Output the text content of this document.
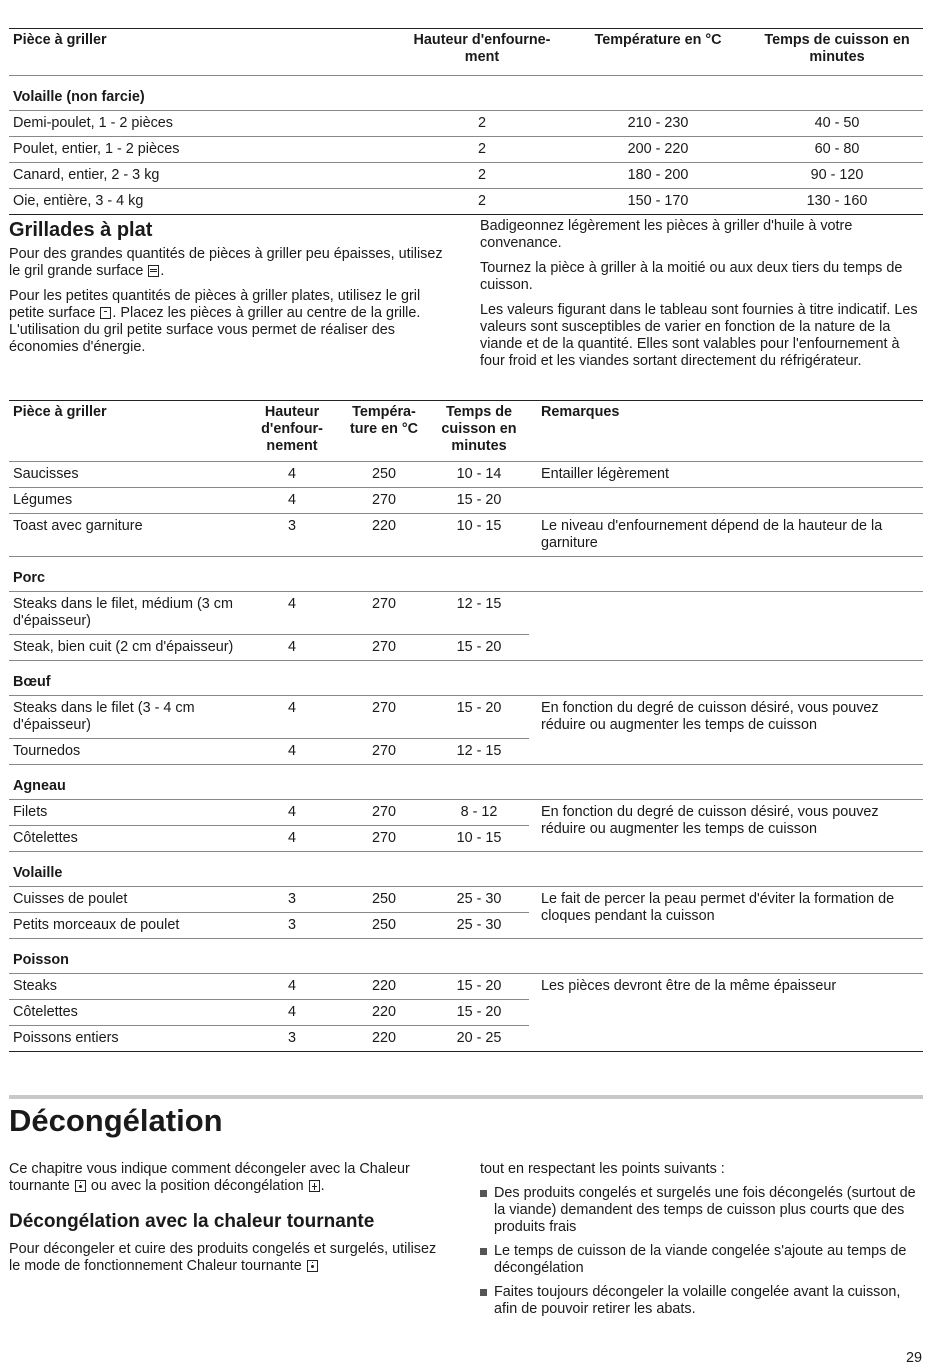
Pièce à griller	Hauteur d'enfourne-ment	Température en °C	Temps de cuisson en minutes
Volaille (non farcie)			
Demi-poulet, 1 - 2 pièces	2	210 - 230	40 - 50
Poulet, entier, 1 - 2 pièces	2	200 - 220	60 - 80
Canard, entier, 2 - 3 kg	2	180 - 200	90 - 120
Oie, entière, 3 - 4 kg	2	150 - 170	130 - 160
Grillades à plat

Pour des grandes quantités de pièces à griller peu épaisses, utilisez le gril grande surface .

Pour les petites quantités de pièces à griller plates, utilisez le gril petite surface . Placez les pièces à griller au centre de la grille. L'utilisation du gril petite surface vous permet de réaliser des économies d'énergie.

Badigeonnez légèrement les pièces à griller d'huile à votre convenance.

Tournez la pièce à griller à la moitié ou aux deux tiers du temps de cuisson.

Les valeurs figurant dans le tableau sont fournies à titre indicatif. Les valeurs sont susceptibles de varier en fonction de la nature de la viande et de la quantité. Elles sont valables pour l'enfournement à four froid et les viandes sortant directement du réfrigérateur.

Pièce à griller	Hauteur d'enfour-nement	Tempéra-ture en °C	Temps de cuisson en minutes	Remarques
Saucisses	4	250	10 - 14	Entailler légèrement
Légumes	4	270	15 - 20	
Toast avec garniture	3	220	10 - 15	Le niveau d'enfournement dépend de la hauteur de la garniture
Porc				
Steaks dans le filet, médium (3 cm d'épaisseur)	4	270	12 - 15	
Steak, bien cuit (2 cm d'épaisseur)	4	270	15 - 20	
Bœuf				
Steaks dans le filet (3 - 4 cm d'épaisseur)	4	270	15 - 20	En fonction du degré de cuisson désiré, vous pouvez réduire ou augmenter les temps de cuisson
Tournedos	4	270	12 - 15	
Agneau				
Filets	4	270	8 - 12	En fonction du degré de cuisson désiré, vous pouvez réduire ou augmenter les temps de cuisson
Côtelettes	4	270	10 - 15	
Volaille				
Cuisses de poulet	3	250	25 - 30	Le fait de percer la peau permet d'éviter la formation de cloques pendant la cuisson
Petits morceaux de poulet	3	250	25 - 30	
Poisson				
Steaks	4	220	15 - 20	Les pièces devront être de la même épaisseur
Côtelettes	4	220	15 - 20	
Poissons entiers	3	220	20 - 25	
Décongélation

Ce chapitre vous indique comment décongeler avec la Chaleur tournante ou avec la position décongélation .

Décongélation avec la chaleur tournante

Pour décongeler et cuire des produits congelés et surgelés, utilisez le mode de fonctionnement Chaleur tournante

tout en respectant les points suivants :

Des produits congelés et surgelés une fois décongelés (surtout de la viande) demandent des temps de cuisson plus courts que des produits frais
Le temps de cuisson de la viande congelée s'ajoute au temps de décongélation
Faites toujours décongeler la volaille congelée avant la cuisson, afin de pouvoir retirer les abats.
29
